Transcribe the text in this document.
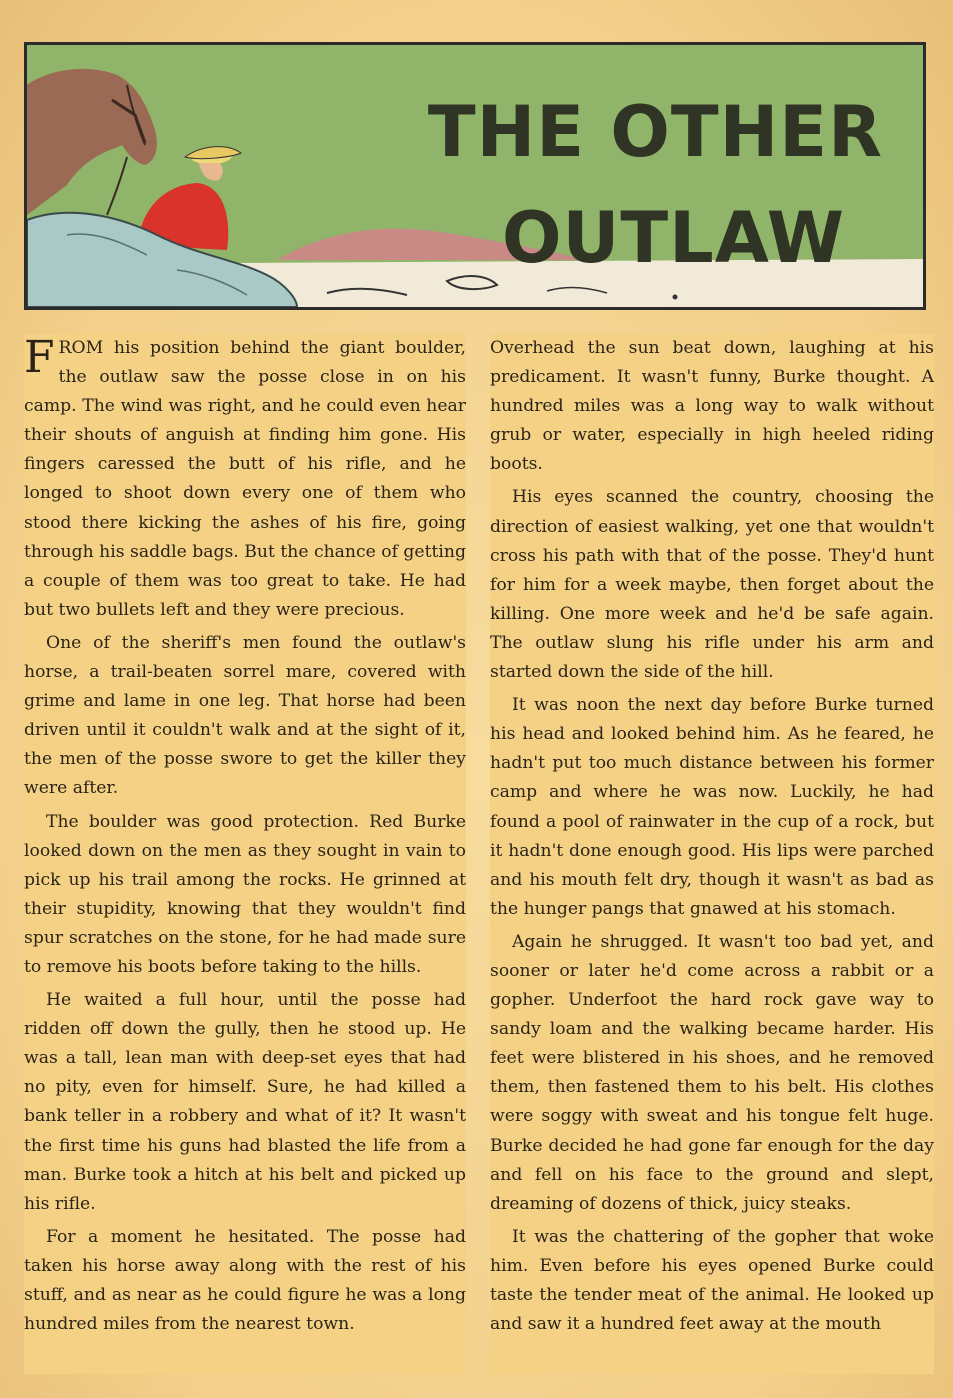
THE OTHER
OUTLAW

FROM his position behind the giant boulder, the outlaw saw the posse close in on his camp. The wind was right, and he could even hear their shouts of anguish at finding him gone. His fingers caressed the butt of his rifle, and he longed to shoot down every one of them who stood there kicking the ashes of his fire, going through his saddle bags. But the chance of getting a couple of them was too great to take. He had but two bullets left and they were precious.

One of the sheriff's men found the outlaw's horse, a trail-beaten sorrel mare, covered with grime and lame in one leg. That horse had been driven until it couldn't walk and at the sight of it, the men of the posse swore to get the killer they were after.

The boulder was good protection. Red Burke looked down on the men as they sought in vain to pick up his trail among the rocks. He grinned at their stupidity, knowing that they wouldn't find spur scratches on the stone, for he had made sure to remove his boots before taking to the hills.

He waited a full hour, until the posse had ridden off down the gully, then he stood up. He was a tall, lean man with deep-set eyes that had no pity, even for himself. Sure, he had killed a bank teller in a robbery and what of it? It wasn't the first time his guns had blasted the life from a man. Burke took a hitch at his belt and picked up his rifle.

For a moment he hesitated. The posse had taken his horse away along with the rest of his stuff, and as near as he could figure he was a long hundred miles from the nearest town.

Overhead the sun beat down, laughing at his predicament. It wasn't funny, Burke thought. A hundred miles was a long way to walk without grub or water, especially in high heeled riding boots.

His eyes scanned the country, choosing the direction of easiest walking, yet one that wouldn't cross his path with that of the posse. They'd hunt for him for a week maybe, then forget about the killing. One more week and he'd be safe again. The outlaw slung his rifle under his arm and started down the side of the hill.

It was noon the next day before Burke turned his head and looked behind him. As he feared, he hadn't put too much distance between his former camp and where he was now. Luckily, he had found a pool of rainwater in the cup of a rock, but it hadn't done enough good. His lips were parched and his mouth felt dry, though it wasn't as bad as the hunger pangs that gnawed at his stomach.

Again he shrugged. It wasn't too bad yet, and sooner or later he'd come across a rabbit or a gopher. Underfoot the hard rock gave way to sandy loam and the walking became harder. His feet were blistered in his shoes, and he removed them, then fastened them to his belt. His clothes were soggy with sweat and his tongue felt huge. Burke decided he had gone far enough for the day and fell on his face to the ground and slept, dreaming of dozens of thick, juicy steaks.

It was the chattering of the gopher that woke him. Even before his eyes opened Burke could taste the tender meat of the animal. He looked up and saw it a hundred feet away at the mouth
